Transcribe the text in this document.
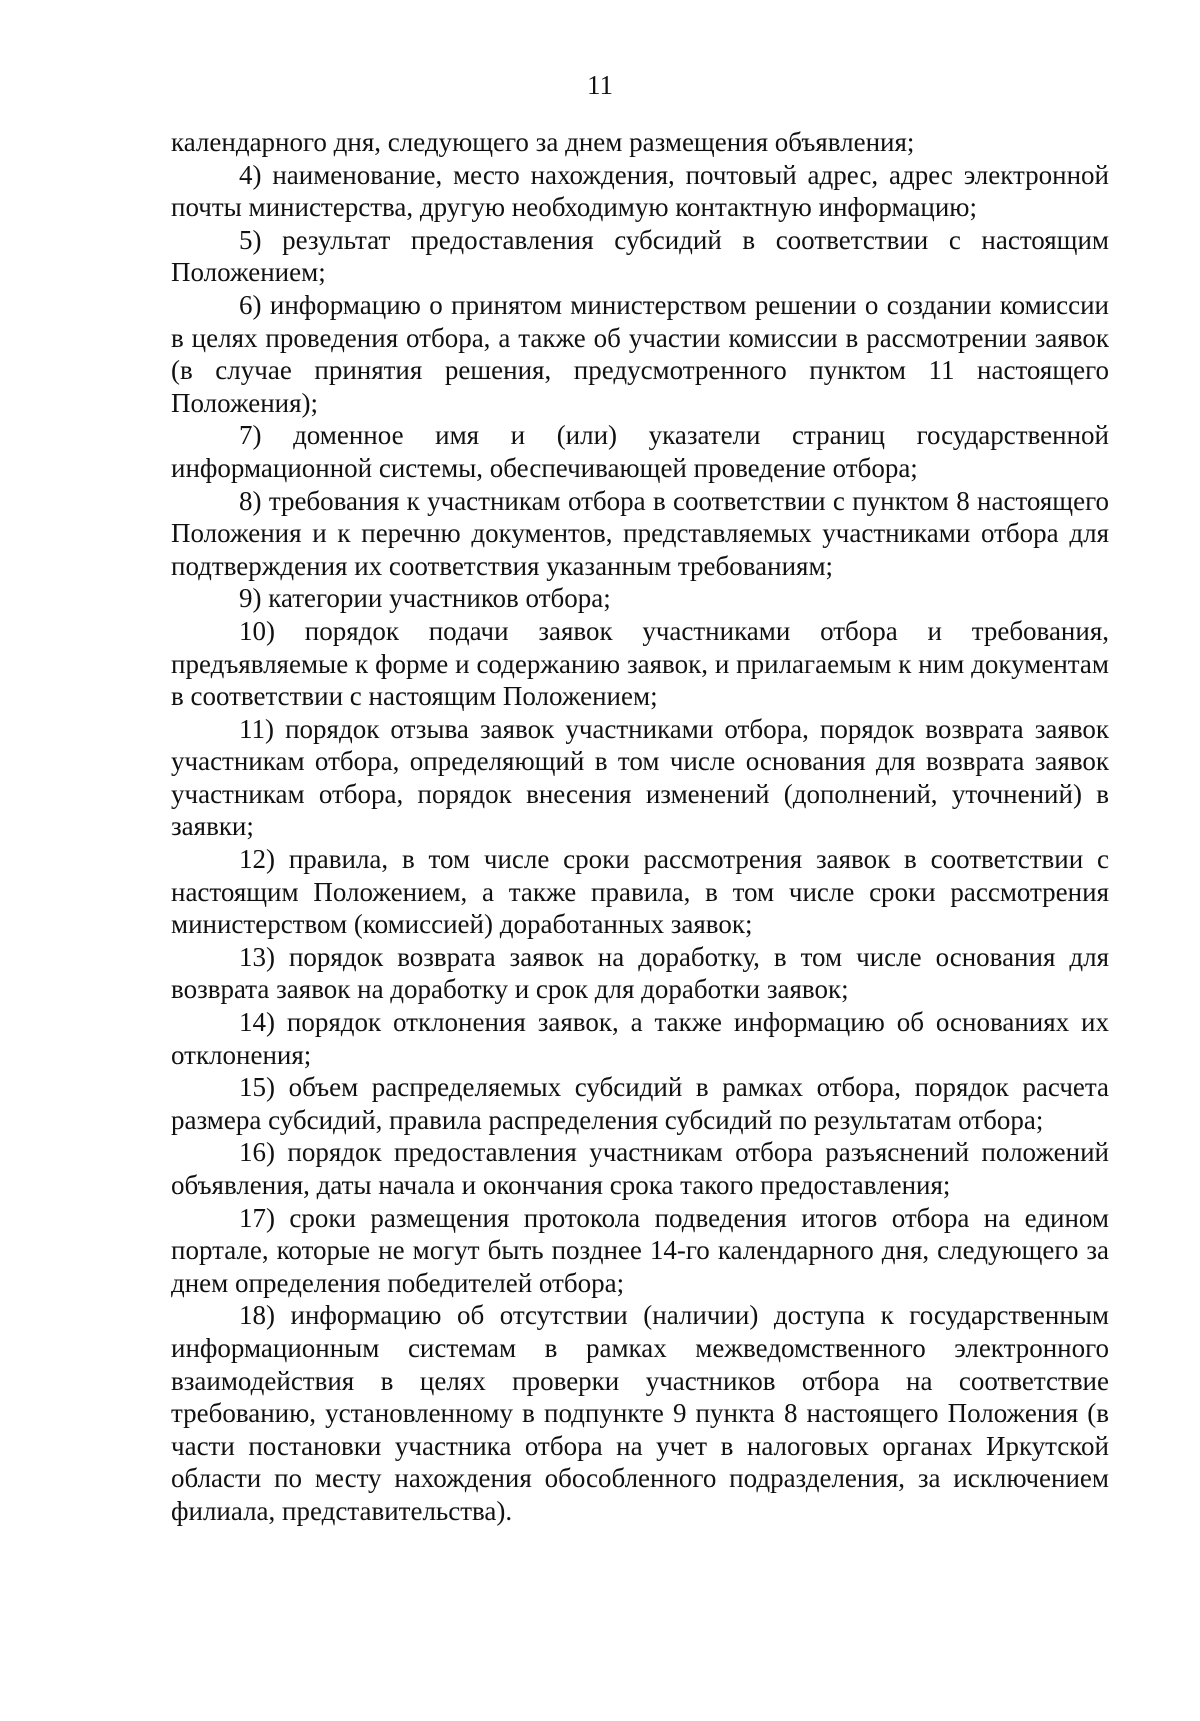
11

календарного дня, следующего за днем размещения объявления;

4) наименование, место нахождения, почтовый адрес, адрес электронной почты министерства, другую необходимую контактную информацию;

5) результат предоставления субсидий в соответствии с настоящим Положением;

6) информацию о принятом министерством решении о создании комиссии в целях проведения отбора, а также об участии комиссии в рассмотрении заявок (в случае принятия решения, предусмотренного пунктом 11 настоящего Положения);

7) доменное имя и (или) указатели страниц государственной информационной системы, обеспечивающей проведение отбора;

8) требования к участникам отбора в соответствии с пунктом 8 настоящего Положения и к перечню документов, представляемых участниками отбора для подтверждения их соответствия указанным требованиям;

9) категории участников отбора;

10) порядок подачи заявок участниками отбора и требования, предъявляемые к форме и содержанию заявок, и прилагаемым к ним документам в соответствии с настоящим Положением;

11) порядок отзыва заявок участниками отбора, порядок возврата заявок участникам отбора, определяющий в том числе основания для возврата заявок участникам отбора, порядок внесения изменений (дополнений, уточнений) в заявки;

12) правила, в том числе сроки рассмотрения заявок в соответствии с настоящим Положением, а также правила, в том числе сроки рассмотрения министерством (комиссией) доработанных заявок;

13) порядок возврата заявок на доработку, в том числе основания для возврата заявок на доработку и срок для доработки заявок;

14) порядок отклонения заявок, а также информацию об основаниях их отклонения;

15) объем распределяемых субсидий в рамках отбора, порядок расчета размера субсидий, правила распределения субсидий по результатам отбора;

16) порядок предоставления участникам отбора разъяснений положений объявления, даты начала и окончания срока такого предоставления;

17) сроки размещения протокола подведения итогов отбора на едином портале, которые не могут быть позднее 14-го календарного дня, следующего за днем определения победителей отбора;

18) информацию об отсутствии (наличии) доступа к государственным информационным системам в рамках межведомственного электронного взаимодействия в целях проверки участников отбора на соответствие требованию, установленному в подпункте 9 пункта 8 настоящего Положения (в части постановки участника отбора на учет в налоговых органах Иркутской области по месту нахождения обособленного подразделения, за исключением филиала, представительства).
